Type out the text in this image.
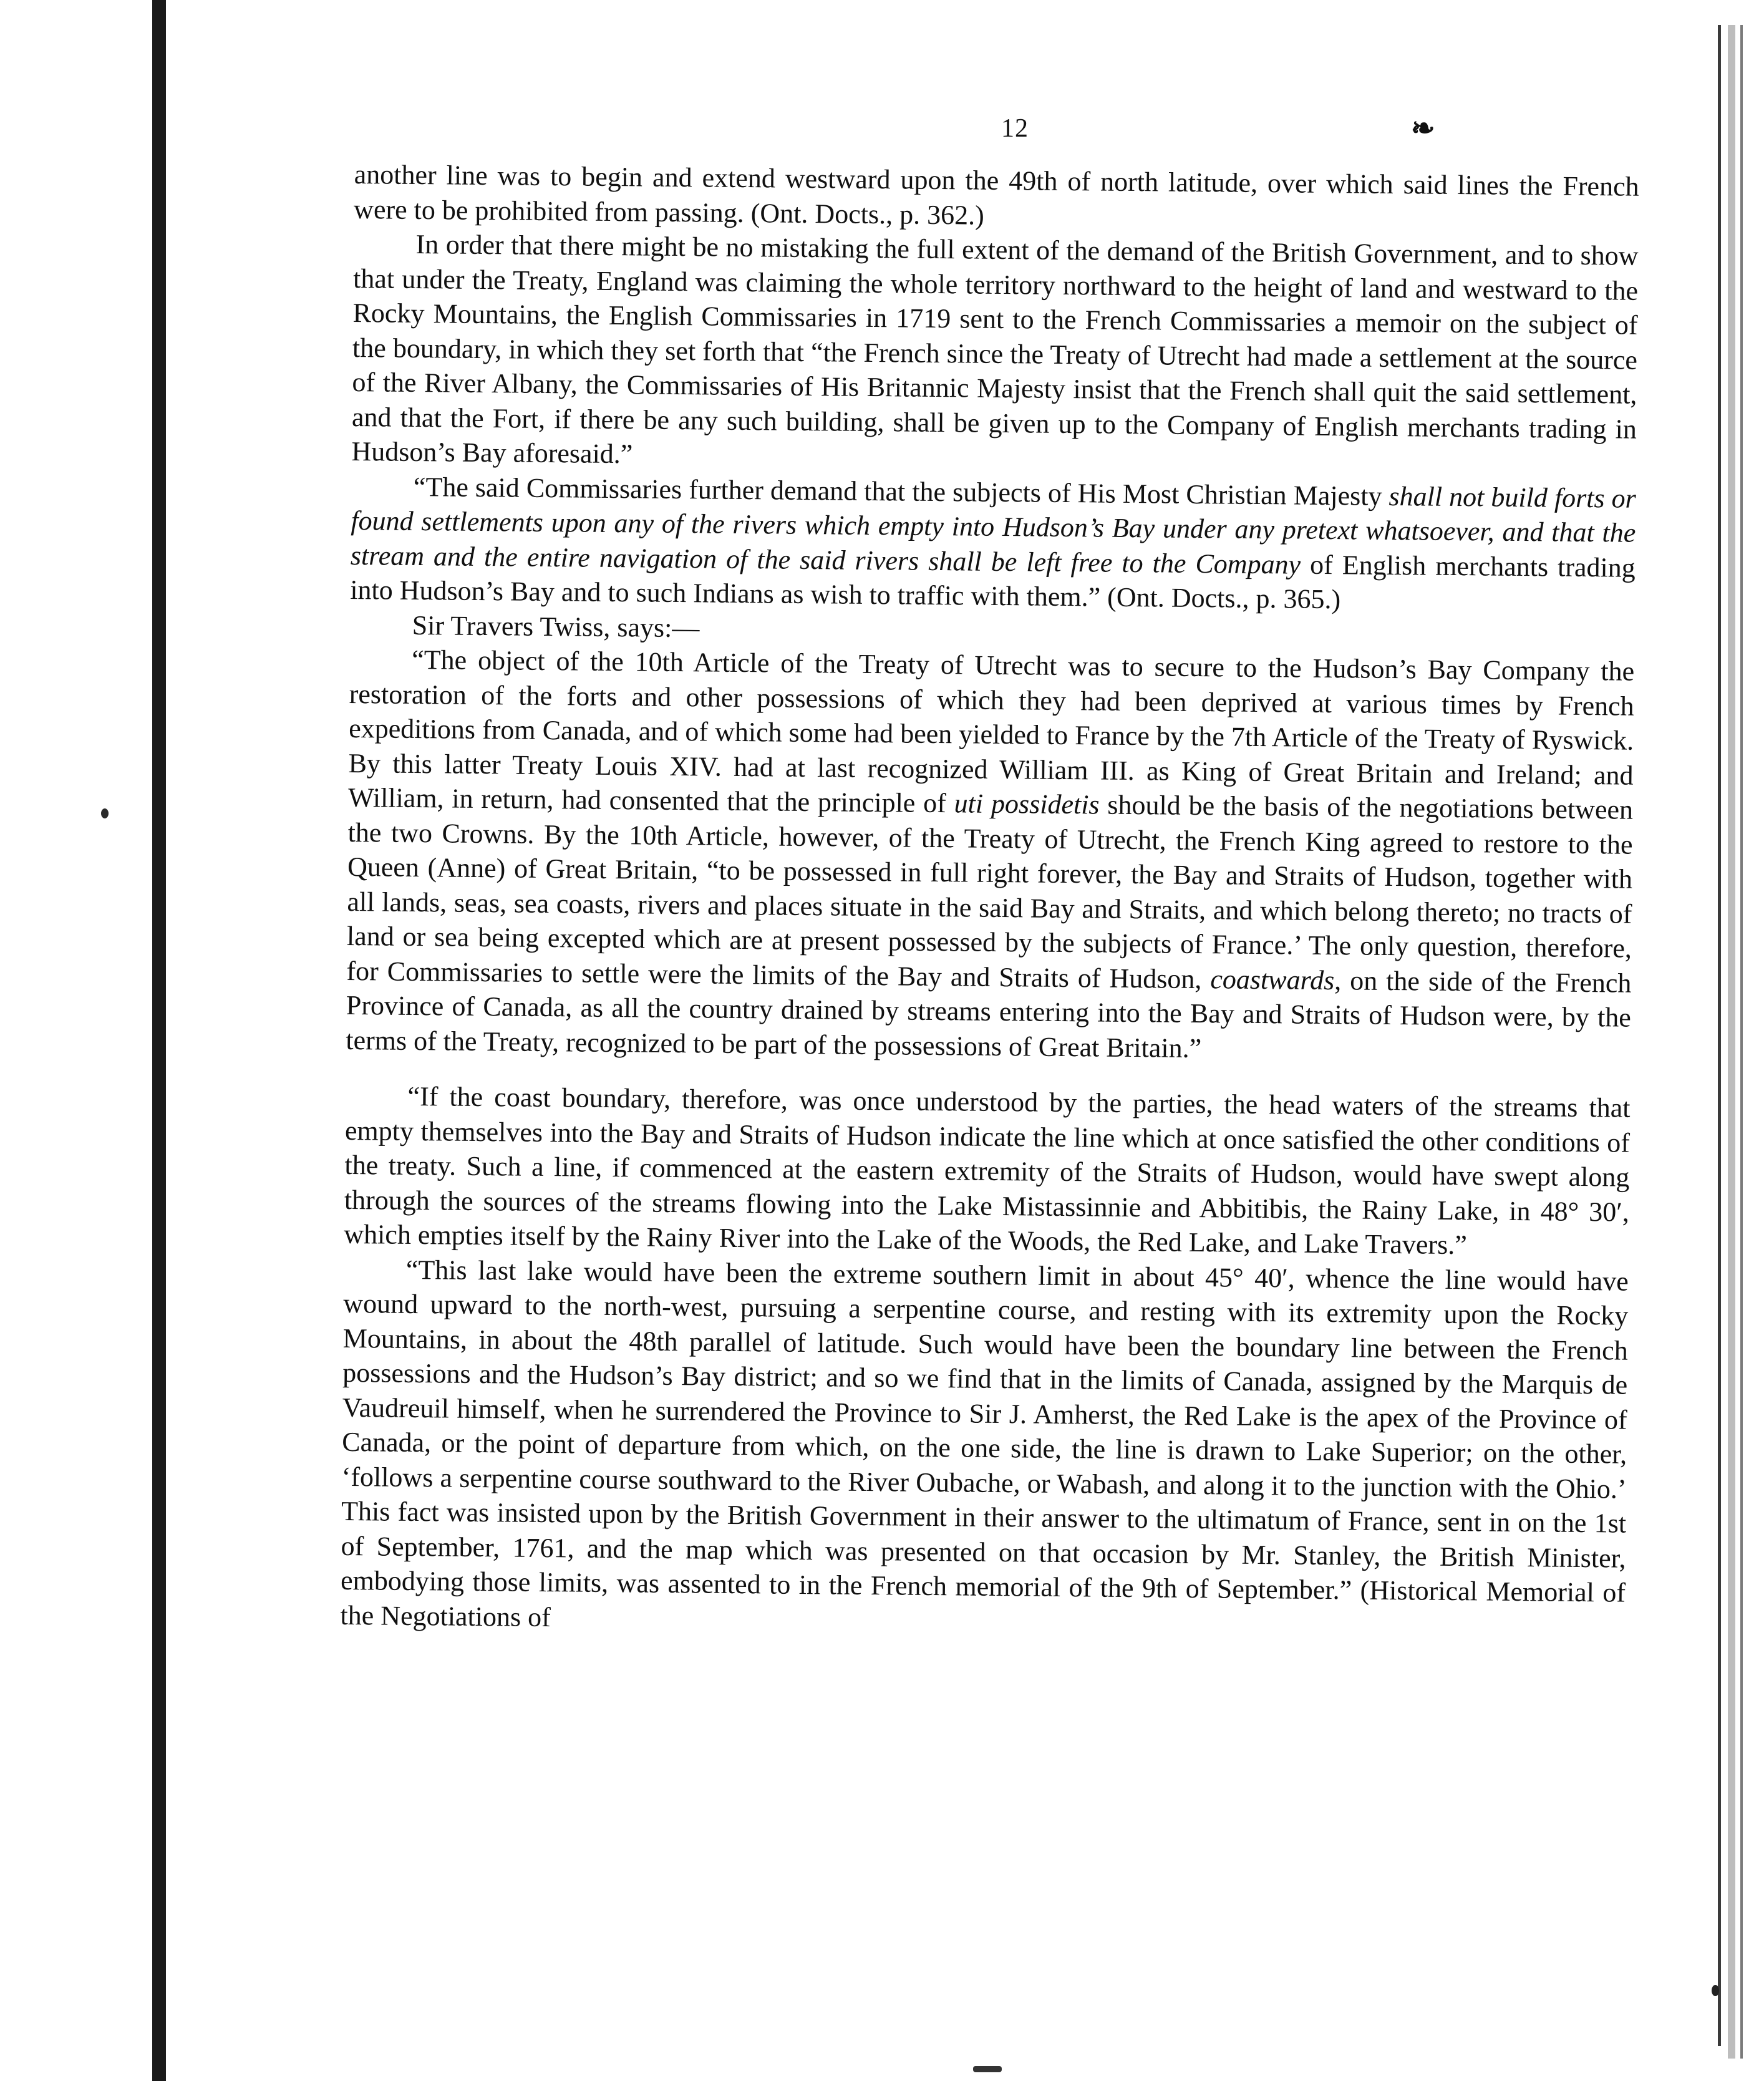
12	❧

another line was to begin and extend westward upon the 49th of north latitude, over which said lines the French were to be prohibited from passing. (Ont. Docts., p. 362.)

In order that there might be no mistaking the full extent of the demand of the British Government, and to show that under the Treaty, England was claiming the whole territory northward to the height of land and westward to the Rocky Mountains, the English Commissaries in 1719 sent to the French Commissaries a memoir on the subject of the boundary, in which they set forth that “the French since the Treaty of Utrecht had made a settlement at the source of the River Albany, the Commissaries of His Britannic Majesty insist that the French shall quit the said settlement, and that the Fort, if there be any such building, shall be given up to the Company of English merchants trading in Hudson’s Bay aforesaid.”

“The said Commissaries further demand that the subjects of His Most Christian Majesty shall not build forts or found settlements upon any of the rivers which empty into Hudson’s Bay under any pretext whatsoever, and that the stream and the entire navigation of the said rivers shall be left free to the Company of English merchants trading into Hudson’s Bay and to such Indians as wish to traffic with them.” (Ont. Docts., p. 365.)

Sir Travers Twiss, says:—

“The object of the 10th Article of the Treaty of Utrecht was to secure to the Hudson’s Bay Company the restoration of the forts and other possessions of which they had been deprived at various times by French expeditions from Canada, and of which some had been yielded to France by the 7th Article of the Treaty of Ryswick. By this latter Treaty Louis XIV. had at last recognized William III. as King of Great Britain and Ireland; and William, in return, had consented that the principle of uti possidetis should be the basis of the negotiations between the two Crowns. By the 10th Article, however, of the Treaty of Utrecht, the French King agreed to restore to the Queen (Anne) of Great Britain, “to be possessed in full right forever, the Bay and Straits of Hudson, together with all lands, seas, sea coasts, rivers and places situate in the said Bay and Straits, and which belong thereto; no tracts of land or sea being excepted which are at present possessed by the subjects of France.’ The only question, therefore, for Commissaries to settle were the limits of the Bay and Straits of Hudson, coastwards, on the side of the French Province of Canada, as all the country drained by streams entering into the Bay and Straits of Hudson were, by the terms of the Treaty, recognized to be part of the possessions of Great Britain.”

“If the coast boundary, therefore, was once understood by the parties, the head waters of the streams that empty themselves into the Bay and Straits of Hudson indicate the line which at once satisfied the other conditions of the treaty. Such a line, if commenced at the eastern extremity of the Straits of Hudson, would have swept along through the sources of the streams flowing into the Lake Mistassinnie and Abbitibis, the Rainy Lake, in 48° 30′, which empties itself by the Rainy River into the Lake of the Woods, the Red Lake, and Lake Travers.”

“This last lake would have been the extreme southern limit in about 45° 40′, whence the line would have wound upward to the north-west, pursuing a serpentine course, and resting with its extremity upon the Rocky Mountains, in about the 48th parallel of latitude. Such would have been the boundary line between the French possessions and the Hudson’s Bay district; and so we find that in the limits of Canada, assigned by the Marquis de Vaudreuil himself, when he surrendered the Province to Sir J. Amherst, the Red Lake is the apex of the Province of Canada, or the point of departure from which, on the one side, the line is drawn to Lake Superior; on the other, ‘follows a serpentine course southward to the River Oubache, or Wabash, and along it to the junction with the Ohio.’ This fact was insisted upon by the British Government in their answer to the ultimatum of France, sent in on the 1st of September, 1761, and the map which was presented on that occasion by Mr. Stanley, the British Minister, embodying those limits, was assented to in the French memorial of the 9th of September.” (Historical Memorial of the Negotiations of
